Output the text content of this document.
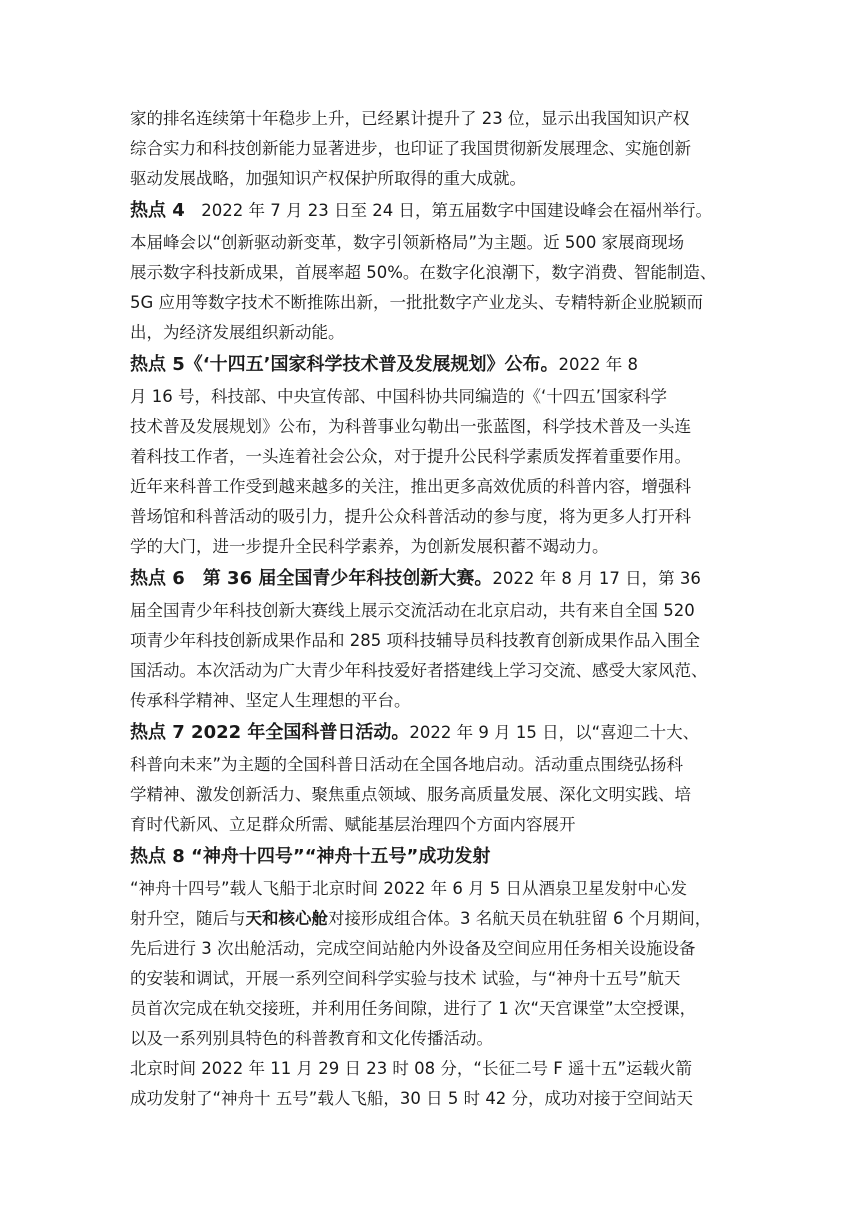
家的排名连续第十年稳步上升，已经累计提升了 23 位，显示出我国知识产权
综合实力和科技创新能力显著进步，也印证了我国贯彻新发展理念、实施创新
驱动发展战略，加强知识产权保护所取得的重大成就。
热点 4　2022 年 7 月 23 日至 24 日，第五届数字中国建设峰会在福州举行。
本届峰会以“创新驱动新变革，数字引领新格局”为主题。近 500 家展商现场
展示数字科技新成果，首展率超 50%。在数字化浪潮下，数字消费、智能制造、
5G 应用等数字技术不断推陈出新，一批批数字产业龙头、专精特新企业脱颖而
出，为经济发展组织新动能。
热点 5《‘十四五’国家科学技术普及发展规划》公布。2022 年 8
月 16 号，科技部、中央宣传部、中国科协共同编造的《‘十四五’国家科学
技术普及发展规划》公布，为科普事业勾勒出一张蓝图，科学技术普及一头连
着科技工作者，一头连着社会公众，对于提升公民科学素质发挥着重要作用。
近年来科普工作受到越来越多的关注，推出更多高效优质的科普内容，增强科
普场馆和科普活动的吸引力，提升公众科普活动的参与度，将为更多人打开科
学的大门，进一步提升全民科学素养，为创新发展积蓄不竭动力。
热点 6　第 36 届全国青少年科技创新大赛。2022 年 8 月 17 日，第 36
届全国青少年科技创新大赛线上展示交流活动在北京启动，共有来自全国 520
项青少年科技创新成果作品和 285 项科技辅导员科技教育创新成果作品入围全
国活动。本次活动为广大青少年科技爱好者搭建线上学习交流、感受大家风范、
传承科学精神、坚定人生理想的平台。
热点 7 2022 年全国科普日活动。2022 年 9 月 15 日，以“喜迎二十大、
科普向未来”为主题的全国科普日活动在全国各地启动。活动重点围绕弘扬科
学精神、激发创新活力、聚焦重点领域、服务高质量发展、深化文明实践、培
育时代新风、立足群众所需、赋能基层治理四个方面内容展开
热点 8 “神舟十四号”“神舟十五号”成功发射
“神舟十四号”载人飞船于北京时间 2022 年 6 月 5 日从酒泉卫星发射中心发
射升空，随后与天和核心舱对接形成组合体。3 名航天员在轨驻留 6 个月期间，
先后进行 3 次出舱活动，完成空间站舱内外设备及空间应用任务相关设施设备
的安装和调试，开展一系列空间科学实验与技术 试验，与“神舟十五号”航天
员首次完成在轨交接班，并利用任务间隙，进行了 1 次“天宫课堂”太空授课，
以及一系列别具特色的科普教育和文化传播活动。
北京时间 2022 年 11 月 29 日 23 时 08 分，“长征二号 F 遥十五”运载火箭
成功发射了“神舟十 五号”载人飞船，30 日 5 时 42 分，成功对接于空间站天
